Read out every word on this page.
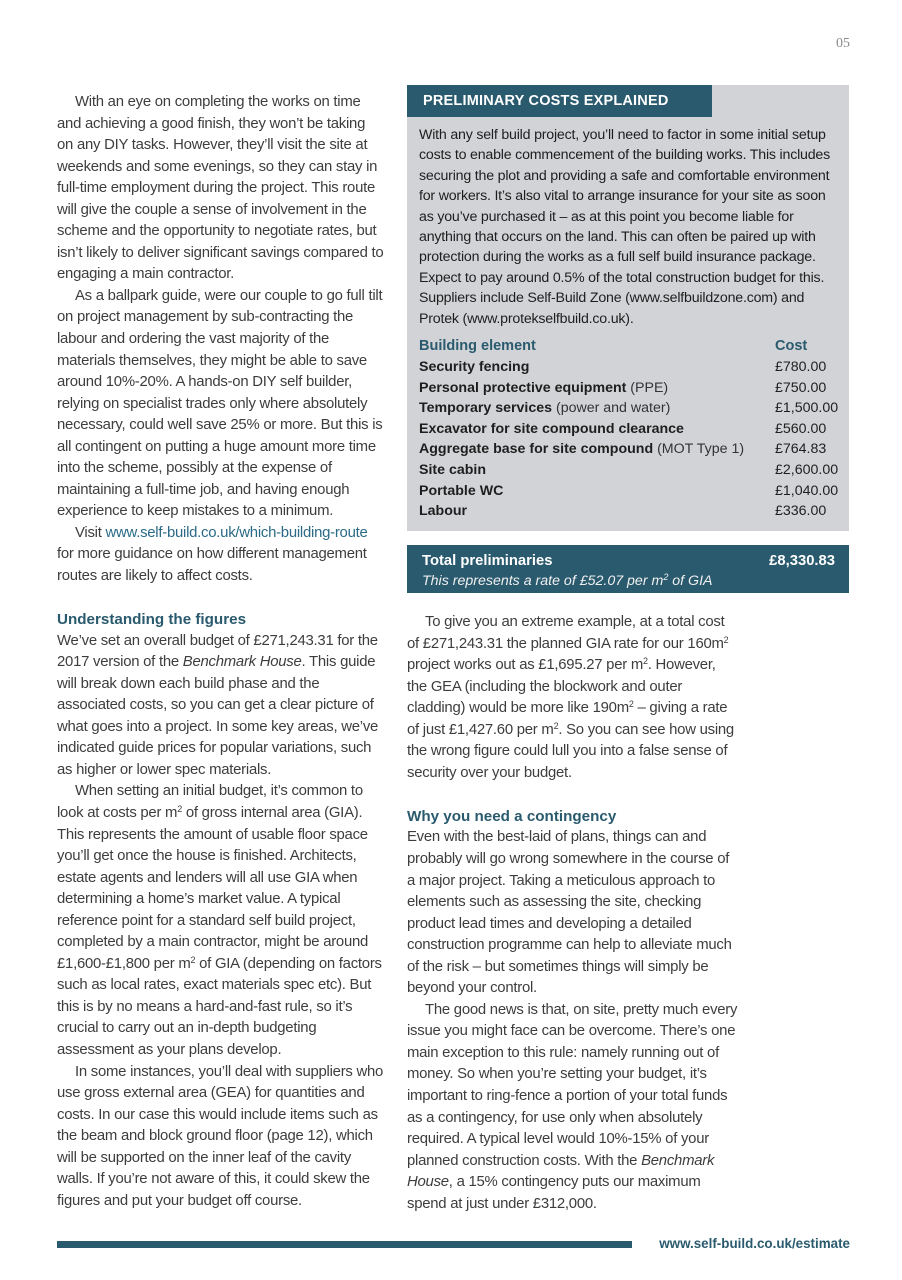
05

With an eye on completing the works on time and achieving a good finish, they won’t be taking on any DIY tasks. However, they’ll visit the site at weekends and some evenings, so they can stay in full-time employment during the project. This route will give the couple a sense of involvement in the scheme and the opportunity to negotiate rates, but isn’t likely to deliver significant savings compared to engaging a main contractor.

As a ballpark guide, were our couple to go full tilt on project management by sub-contracting the labour and ordering the vast majority of the materials themselves, they might be able to save around 10%-20%. A hands-on DIY self builder, relying on specialist trades only where absolutely necessary, could well save 25% or more. But this is all contingent on putting a huge amount more time into the scheme, possibly at the expense of maintaining a full-time job, and having enough experience to keep mistakes to a minimum.

Visit www.self-build.co.uk/which-building-route for more guidance on how different management routes are likely to affect costs.

Understanding the figures

We’ve set an overall budget of £271,243.31 for the 2017 version of the Benchmark House. This guide will break down each build phase and the associated costs, so you can get a clear picture of what goes into a project. In some key areas, we’ve indicated guide prices for popular variations, such as higher or lower spec materials.

When setting an initial budget, it’s common to look at costs per $m^2$ of gross internal area (GIA). This represents the amount of usable floor space you’ll get once the house is finished. Architects, estate agents and lenders will all use GIA when determining a home’s market value. A typical reference point for a standard self build project, completed by a main contractor, might be around £1,600-£1,800 per $m^2$ of GIA (depending on factors such as local rates, exact materials spec etc). But this is by no means a hard-and-fast rule, so it’s crucial to carry out an in-depth budgeting assessment as your plans develop.

In some instances, you’ll deal with suppliers who use gross external area (GEA) for quantities and costs. In our case this would include items such as the beam and block ground floor (page 12), which will be supported on the inner leaf of the cavity walls. If you’re not aware of this, it could skew the figures and put your budget off course.

PRELIMINARY COSTS EXPLAINED

With any self build project, you’ll need to factor in some initial setup costs to enable commencement of the building works. This includes securing the plot and providing a safe and comfortable environment for workers. It’s also vital to arrange insurance for your site as soon as you’ve purchased it – as at this point you become liable for anything that occurs on the land. This can often be paired up with protection during the works as a full self build insurance package. Expect to pay around 0.5% of the total construction budget for this. Suppliers include Self-Build Zone (www.selfbuildzone.com) and Protek (www.protekselfbuild.co.uk).

Building element	Cost
Security fencing	£780.00
Personal protective equipment (PPE)	£750.00
Temporary services (power and water)	£1,500.00
Excavator for site compound clearance	£560.00
Aggregate base for site compound (MOT Type 1)	£764.83
Site cabin	£2,600.00
Portable WC	£1,040.00
Labour	£336.00
Total preliminaries	£8,330.83
This represents a rate of £52.07 per $m^2$ of GIA

To give you an extreme example, at a total cost of £271,243.31 the planned GIA rate for our $160m^2$ project works out as £1,695.27 per $m^2$. However, the GEA (including the blockwork and outer cladding) would be more like $190m^2$ – giving a rate of just £1,427.60 per $m^2$. So you can see how using the wrong figure could lull you into a false sense of security over your budget.

Why you need a contingency

Even with the best-laid of plans, things can and probably will go wrong somewhere in the course of a major project. Taking a meticulous approach to elements such as assessing the site, checking product lead times and developing a detailed construction programme can help to alleviate much of the risk – but sometimes things will simply be beyond your control.

The good news is that, on site, pretty much every issue you might face can be overcome. There’s one main exception to this rule: namely running out of money. So when you’re setting your budget, it’s important to ring-fence a portion of your total funds as a contingency, for use only when absolutely required. A typical level would 10%-15% of your planned construction costs. With the Benchmark House, a 15% contingency puts our maximum spend at just under £312,000.

www.self-build.co.uk/estimate
